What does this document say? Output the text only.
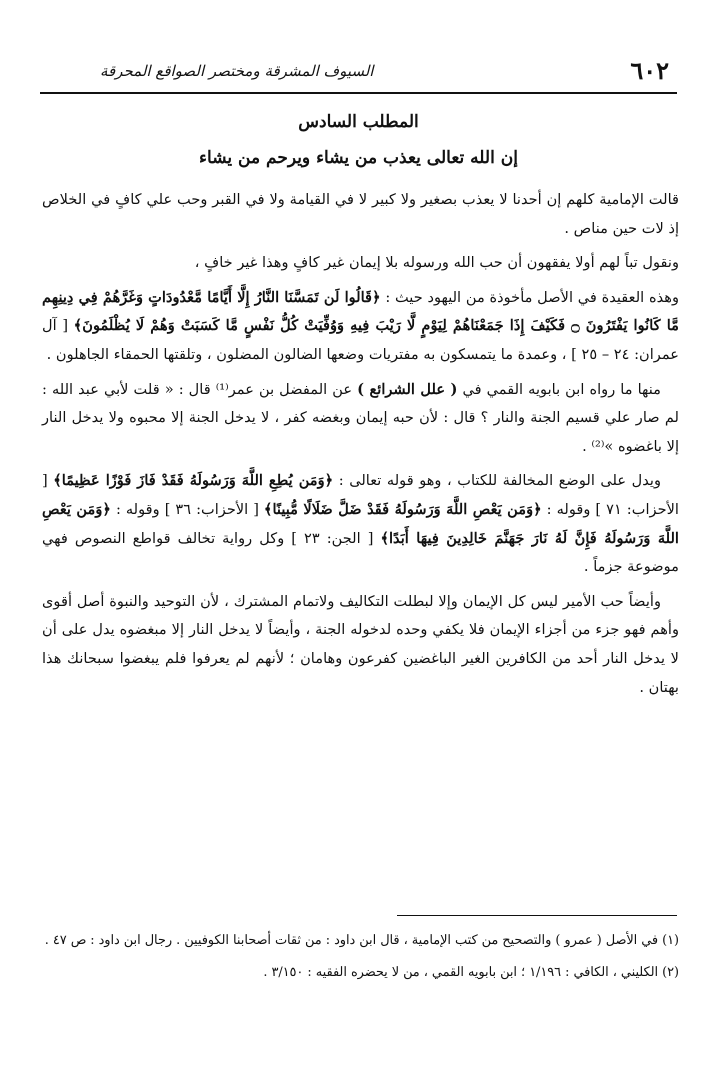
٦٠٢
السيوف المشرقة ومختصر الصواقع المحرقة
المطلب السادس
إن الله تعالى يعذب من يشاء ويرحم من يشاء

قالت الإمامية كلهم إن أحدنا لا يعذب بصغير ولا كبير لا في القيامة ولا في القبر وحب علي كافٍ في الخلاص إذ لات حين مناص .

ونقول تباً لهم أولا يفقهون أن حب الله ورسوله بلا إيمان غير كافٍ وهذا غير خافٍ ،

وهذه العقيدة في الأصل مأخوذة من اليهود حيث : ﴿قَالُوا لَن تَمَسَّنَا النَّارُ إِلَّا أَيَّامًا مَّعْدُودَاتٍ وَغَرَّهُمْ فِي دِينِهِم مَّا كَانُوا يَفْتَرُونَ ۝ فَكَيْفَ إِذَا جَمَعْنَاهُمْ لِيَوْمٍ لَّا رَيْبَ فِيهِ وَوُفِّيَتْ كُلُّ نَفْسٍ مَّا كَسَبَتْ وَهُمْ لَا يُظْلَمُونَ﴾ [ آل عمران: ٢٤ – ٢٥ ] ، وعمدة ما يتمسكون به مفتريات وضعها الضالون المضلون ، وتلقتها الحمقاء الجاهلون .

منها ما رواه ابن بابويه القمي في ( علل الشرائع ) عن المفضل بن عمر⁽¹⁾ قال : « قلت لأبي عبد الله : لم صار علي قسيم الجنة والنار ؟ قال : لأن حبه إيمان وبغضه كفر ، لا يدخل الجنة إلا محبوه ولا يدخل النار إلا باغضوه »⁽²⁾ .

ويدل على الوضع المخالفة للكتاب ، وهو قوله تعالى : ﴿وَمَن يُطِعِ اللَّهَ وَرَسُولَهُ فَقَدْ فَازَ فَوْزًا عَظِيمًا﴾ [ الأحزاب: ٧١ ] وقوله : ﴿وَمَن يَعْصِ اللَّهَ وَرَسُولَهُ فَقَدْ ضَلَّ ضَلَالًا مُّبِينًا﴾ [ الأحزاب: ٣٦ ] وقوله : ﴿وَمَن يَعْصِ اللَّهَ وَرَسُولَهُ فَإِنَّ لَهُ نَارَ جَهَنَّمَ خَالِدِينَ فِيهَا أَبَدًا﴾ [ الجن: ٢٣ ] وكل رواية تخالف قواطع النصوص فهي موضوعة جزماً .

وأيضاً حب الأمير ليس كل الإيمان وإلا لبطلت التكاليف ولاتمام المشترك ، لأن التوحيد والنبوة أصل أقوى وأهم فهو جزء من أجزاء الإيمان فلا يكفي وحده لدخوله الجنة ، وأيضاً لا يدخل النار إلا مبغضوه يدل على أن لا يدخل النار أحد من الكافرين الغير الباغضين كفرعون وهامان ؛ لأنهم لم يعرفوا فلم يبغضوا سبحانك هذا بهتان .

(١) في الأصل ( عمرو ) والتصحيح من كتب الإمامية ، قال ابن داود : من ثقات أصحابنا الكوفيين . رجال ابن داود : ص ٤٧ .

(٢) الكليني ، الكافي : ١/١٩٦ ؛ ابن بابويه القمي ، من لا يحضره الفقيه : ٣/١٥٠ .
